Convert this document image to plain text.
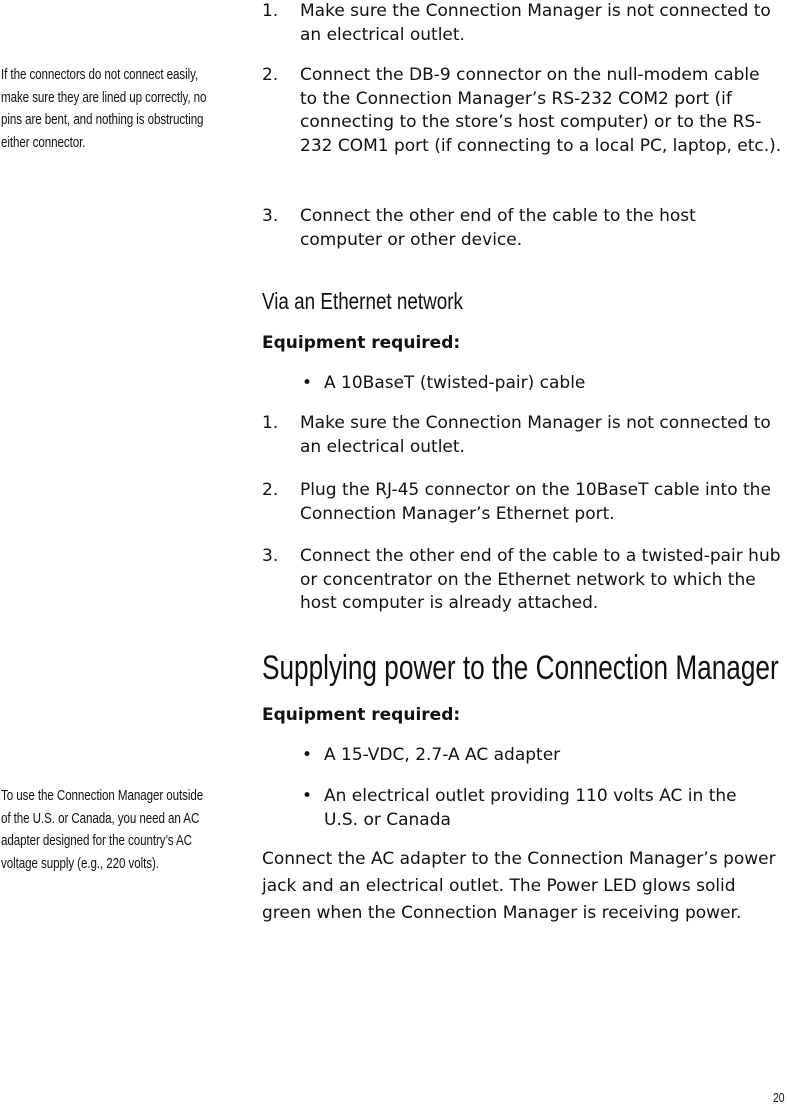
If the connectors do not connect easily, make sure they are lined up correctly, no pins are bent, and nothing is obstructing either connector.
To use the Connection Manager outside of the U.S. or Canada, you need an AC adapter designed for the country’s AC voltage supply (e.g., 220 volts).
1. Make sure the Connection Manager is not connected to an electrical outlet.
2. Connect the DB-9 connector on the null-modem cable to the Connection Manager’s RS-232 COM2 port (if connecting to the store’s host computer) or to the RS-232 COM1 port (if connecting to a local PC, laptop, etc.).
3. Connect the other end of the cable to the host computer or other device.
Via an Ethernet network
Equipment required:
• A 10BaseT (twisted-pair) cable
1. Make sure the Connection Manager is not connected to an electrical outlet.
2. Plug the RJ-45 connector on the 10BaseT cable into the Connection Manager’s Ethernet port.
3. Connect the other end of the cable to a twisted-pair hub or concentrator on the Ethernet network to which the host computer is already attached.
Supplying power to the Connection Manager
Equipment required:
• A 15-VDC, 2.7-A AC adapter
• An electrical outlet providing 110 volts AC in the U.S. or Canada
Connect the AC adapter to the Connection Manager’s power jack and an electrical outlet. The Power LED glows solid green when the Connection Manager is receiving power.
20
